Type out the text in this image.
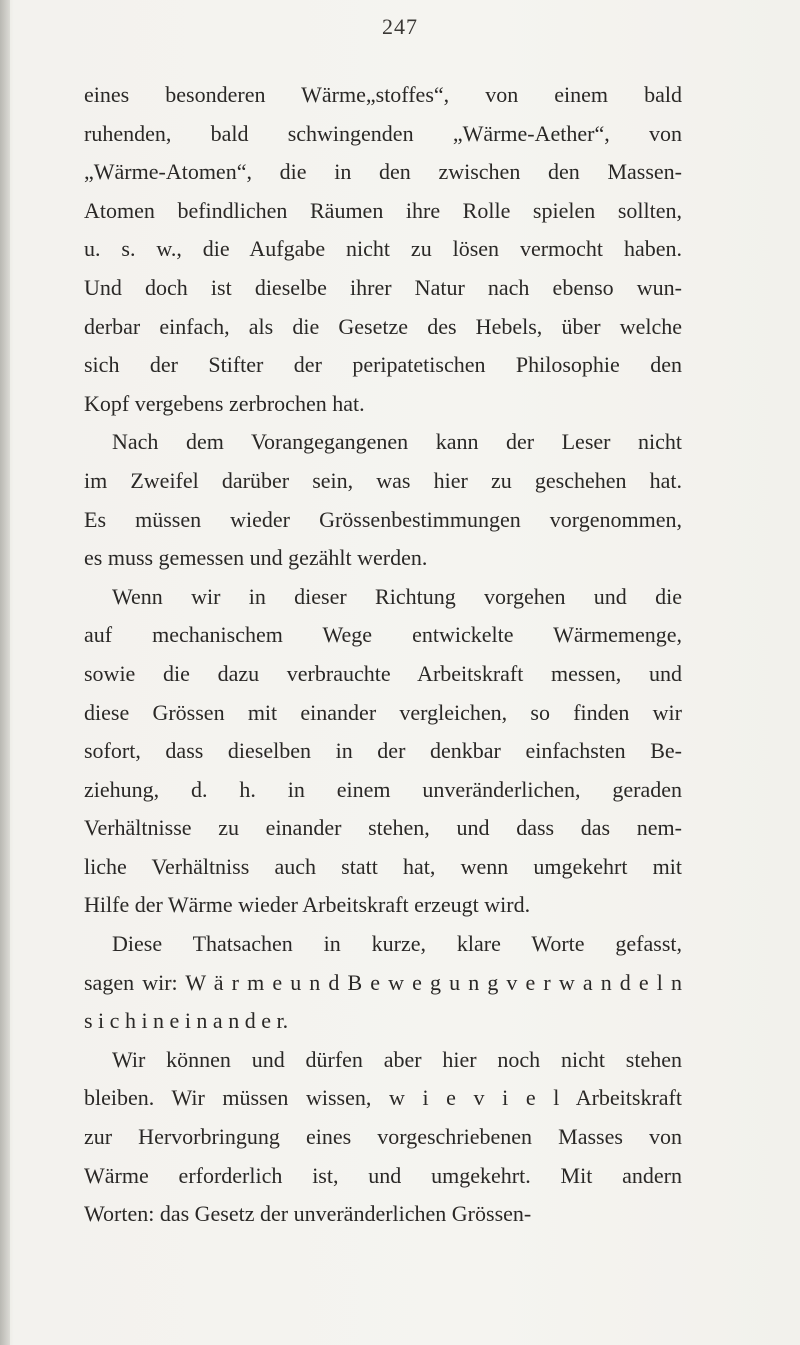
247
eines besonderen Wärme„stoffes“, von einem bald
ruhenden, bald schwingenden „Wärme-Aether“, von
„Wärme-Atomen“, die in den zwischen den Massen-
Atomen befindlichen Räumen ihre Rolle spielen sollten,
u. s. w., die Aufgabe nicht zu lösen vermocht haben.
Und doch ist dieselbe ihrer Natur nach ebenso wun-
derbar einfach, als die Gesetze des Hebels, über welche
sich der Stifter der peripatetischen Philosophie den
Kopf vergebens zerbrochen hat.
Nach dem Vorangegangenen kann der Leser nicht
im Zweifel darüber sein, was hier zu geschehen hat.
Es müssen wieder Grössenbestimmungen vorgenommen,
es muss gemessen und gezählt werden.
Wenn wir in dieser Richtung vorgehen und die
auf mechanischem Wege entwickelte Wärmemenge,
sowie die dazu verbrauchte Arbeitskraft messen, und
diese Grössen mit einander vergleichen, so finden wir
sofort, dass dieselben in der denkbar einfachsten Be-
ziehung, d. h. in einem unveränderlichen, geraden
Verhältnisse zu einander stehen, und dass das nem-
liche Verhältniss auch statt hat, wenn umgekehrt mit
Hilfe der Wärme wieder Arbeitskraft erzeugt wird.
Diese Thatsachen in kurze, klare Worte gefasst,
sagen wir: W ä r m e u n d B e w e g u n g v e r w a n d e l n
s i c h i n e i n a n d e r.
Wir können und dürfen aber hier noch nicht stehen
bleiben. Wir müssen wissen, w i e v i e l Arbeitskraft
zur Hervorbringung eines vorgeschriebenen Masses von
Wärme erforderlich ist, und umgekehrt. Mit andern
Worten: das Gesetz der unveränderlichen Grössen-
